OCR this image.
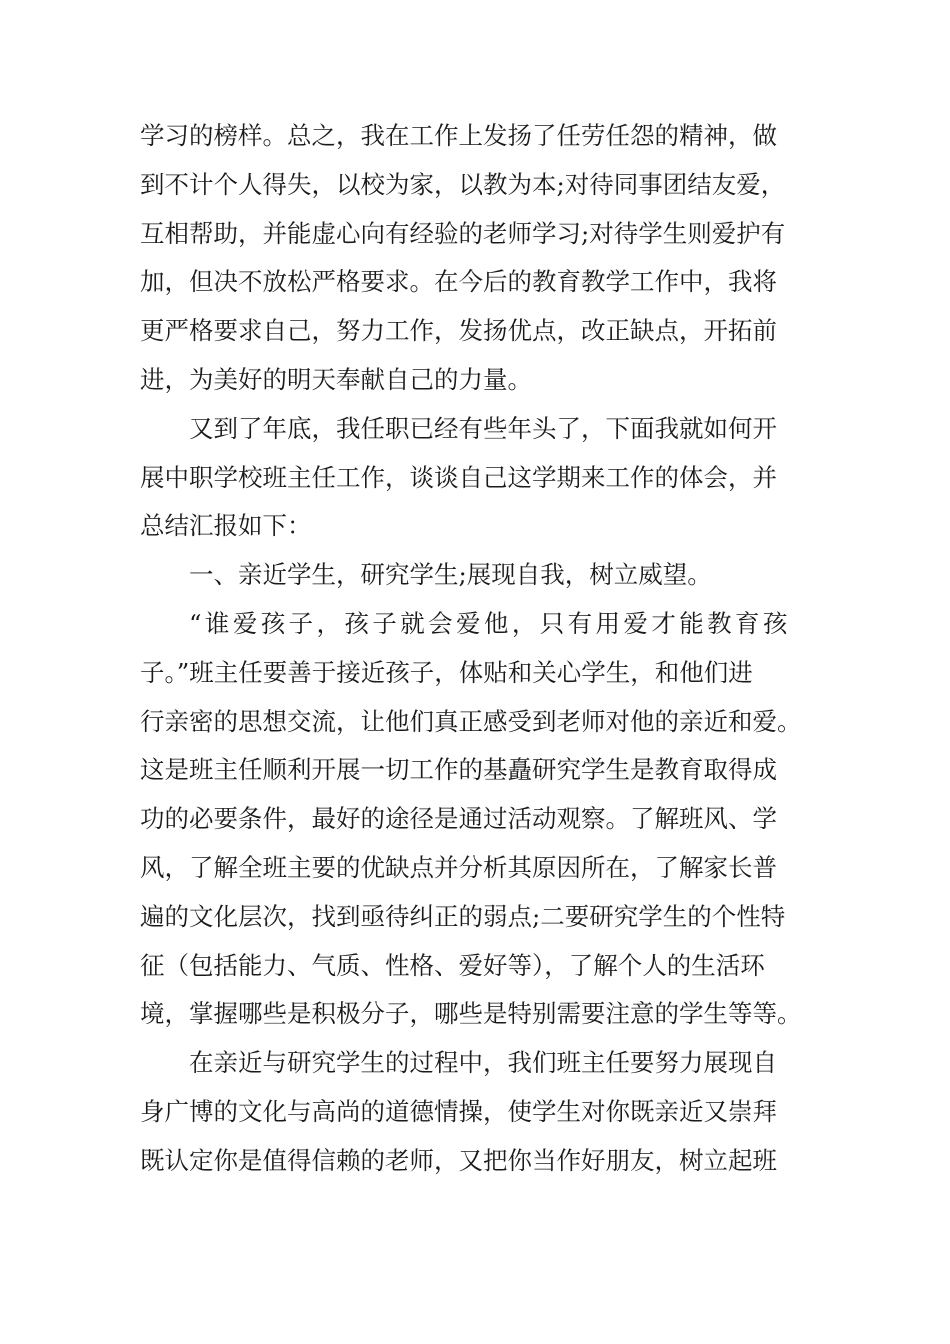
学习的榜样。总之，我在工作上发扬了任劳任怨的精神，做
到不计个人得失，以校为家，以教为本;对待同事团结友爱，
互相帮助，并能虚心向有经验的老师学习;对待学生则爱护有
加，但决不放松严格要求。在今后的教育教学工作中，我将
更严格要求自己，努力工作，发扬优点，改正缺点，开拓前
进，为美好的明天奉献自己的力量。
又到了年底，我任职已经有些年头了，下面我就如何开
展中职学校班主任工作，谈谈自己这学期来工作的体会，并
总结汇报如下：
一、亲近学生，研究学生;展现自我，树立威望。
“谁爱孩子，孩子就会爱他，只有用爱才能教育孩
子。”班主任要善于接近孩子，体贴和关心学生，和他们进
行亲密的思想交流，让他们真正感受到老师对他的亲近和爱。
这是班主任顺利开展一切工作的基矗研究学生是教育取得成
功的必要条件，最好的途径是通过活动观察。了解班风、学
风，了解全班主要的优缺点并分析其原因所在，了解家长普
遍的文化层次，找到亟待纠正的弱点;二要研究学生的个性特
征（包括能力、气质、性格、爱好等），了解个人的生活环
境，掌握哪些是积极分子，哪些是特别需要注意的学生等等。
在亲近与研究学生的过程中，我们班主任要努力展现自
身广博的文化与高尚的道德情操，使学生对你既亲近又崇拜
既认定你是值得信赖的老师，又把你当作好朋友，树立起班
